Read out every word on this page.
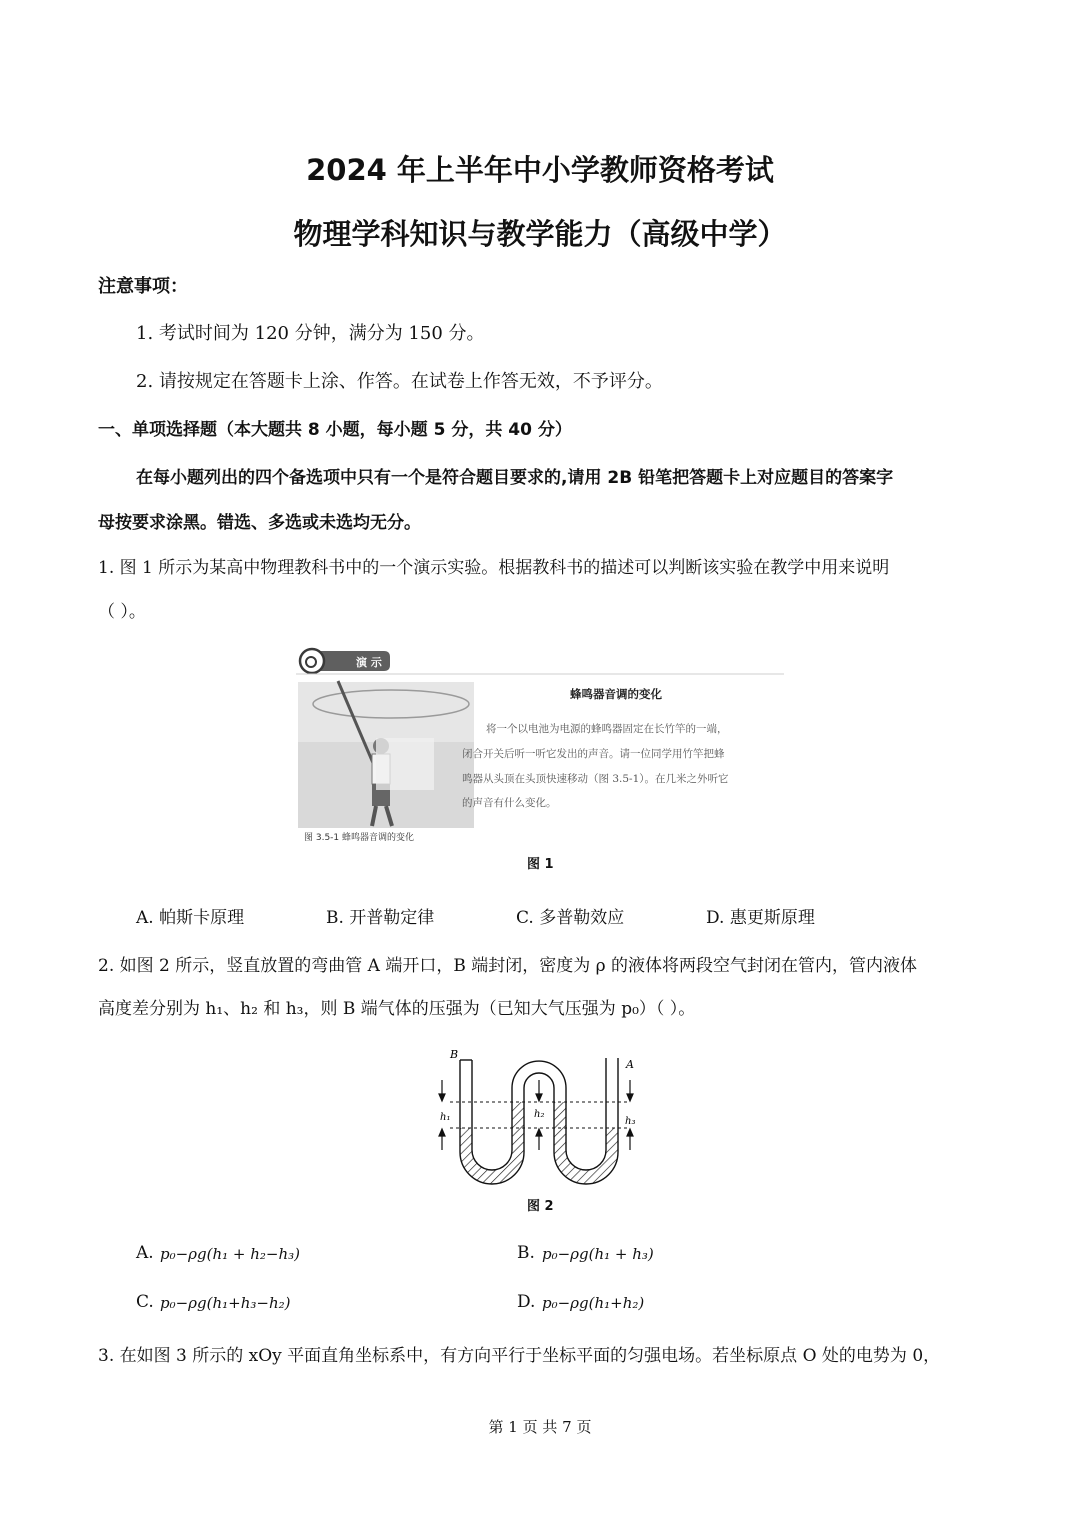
2024 年上半年中小学教师资格考试
物理学科知识与教学能力（高级中学）
注意事项：
1. 考试时间为 120 分钟，满分为 150 分。
2. 请按规定在答题卡上涂、作答。在试卷上作答无效，不予评分。
一、单项选择题（本大题共 8 小题，每小题 5 分，共 40 分）
在每小题列出的四个备选项中只有一个是符合题目要求的,请用 2B 铅笔把答题卡上对应题目的答案字
母按要求涂黑。错选、多选或未选均无分。
1. 图 1 所示为某高中物理教科书中的一个演示实验。根据教科书的描述可以判断该实验在教学中用来说明
（ ）。
图 3.5-1 蜂鸣器音调的变化
演 示
蜂鸣器音调的变化
将一个以电池为电源的蜂鸣器固定在长竹竿的一端，
闭合开关后听一听它发出的声音。请一位同学用竹竿把蜂
鸣器从头顶在头顶快速移动（图 3.5-1）。在几米之外听它
的声音有什么变化。
图 1
A. 帕斯卡原理	B. 开普勒定律	C. 多普勒效应	D. 惠更斯原理
2. 如图 2 所示，竖直放置的弯曲管 A 端开口，B 端封闭，密度为 ρ 的液体将两段空气封闭在管内，管内液体
高度差分别为 h₁、h₂ 和 h₃，则 B 端气体的压强为（已知大气压强为 p₀）（ ）。
B
A
h₁	h₂
h₃
图 2
A. p₀−ρg(h₁ + h₂−h₃)	B. p₀−ρg(h₁ + h₃)
C. p₀−ρg(h₁+h₃−h₂)	D. p₀−ρg(h₁+h₂)
3. 在如图 3 所示的 xOy 平面直角坐标系中，有方向平行于坐标平面的匀强电场。若坐标原点 O 处的电势为 0，
第 1 页 共 7 页
